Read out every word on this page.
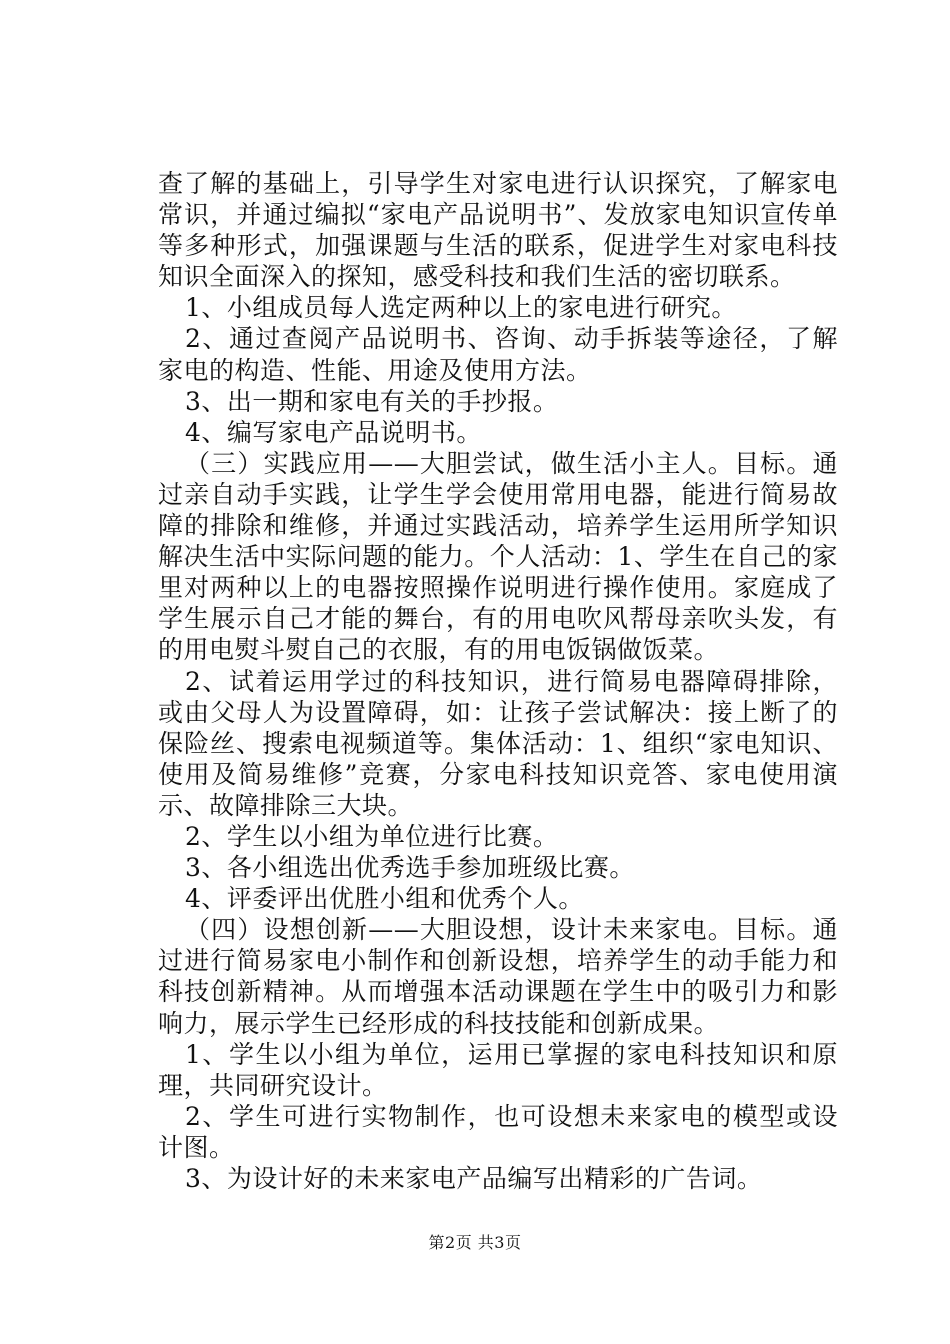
查了解的基础上，引导学生对家电进行认识探究，了解家电常识，并通过编拟“家电产品说明书”、发放家电知识宣传单等多种形式，加强课题与生活的联系，促进学生对家电科技知识全面深入的探知，感受科技和我们生活的密切联系。

1、小组成员每人选定两种以上的家电进行研究。

2、通过查阅产品说明书、咨询、动手拆装等途径，了解家电的构造、性能、用途及使用方法。

3、出一期和家电有关的手抄报。

4、编写家电产品说明书。

（三）实践应用——大胆尝试，做生活小主人。目标。通过亲自动手实践，让学生学会使用常用电器，能进行简易故障的排除和维修，并通过实践活动，培养学生运用所学知识解决生活中实际问题的能力。个人活动：1、学生在自己的家里对两种以上的电器按照操作说明进行操作使用。家庭成了学生展示自己才能的舞台，有的用电吹风帮母亲吹头发，有的用电熨斗熨自己的衣服，有的用电饭锅做饭菜。

2、试着运用学过的科技知识，进行简易电器障碍排除，或由父母人为设置障碍，如：让孩子尝试解决：接上断了的保险丝、搜索电视频道等。集体活动：1、组织“家电知识、使用及简易维修”竞赛，分家电科技知识竞答、家电使用演示、故障排除三大块。

2、学生以小组为单位进行比赛。

3、各小组选出优秀选手参加班级比赛。

4、评委评出优胜小组和优秀个人。

（四）设想创新——大胆设想，设计未来家电。目标。通过进行简易家电小制作和创新设想，培养学生的动手能力和科技创新精神。从而增强本活动课题在学生中的吸引力和影响力，展示学生已经形成的科技技能和创新成果。

1、学生以小组为单位，运用已掌握的家电科技知识和原理，共同研究设计。

2、学生可进行实物制作，也可设想未来家电的模型或设计图。

3、为设计好的未来家电产品编写出精彩的广告词。

第2页 共3页
